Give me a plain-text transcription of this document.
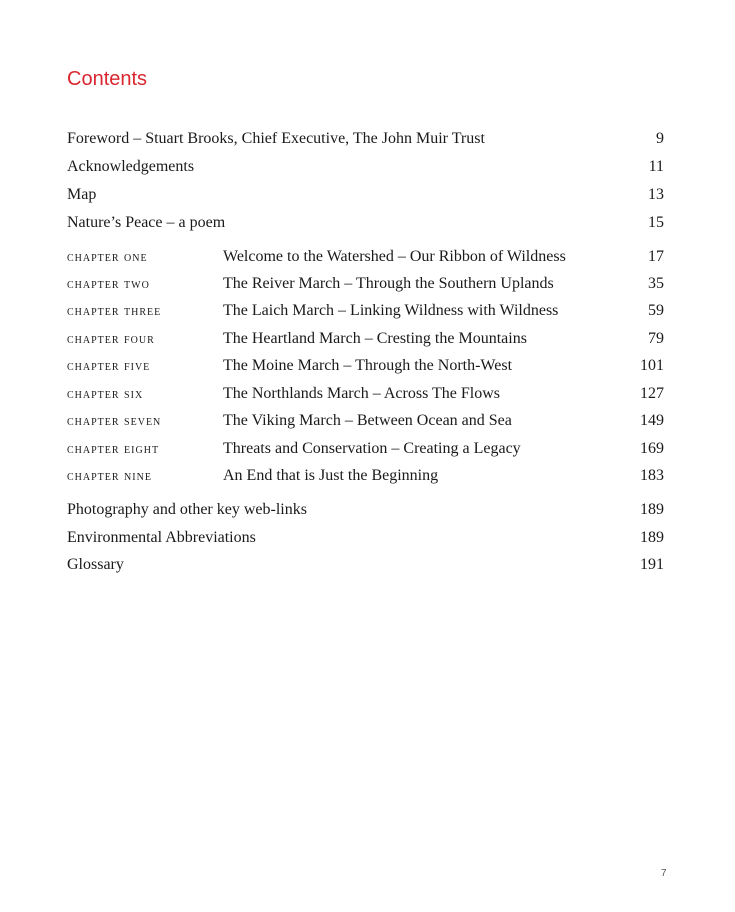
Contents
Foreword – Stuart Brooks, Chief Executive, The John Muir Trust	9
Acknowledgements	11
Map	13
Nature’s Peace – a poem	15
chapter one	Welcome to the Watershed – Our Ribbon of Wildness	17
chapter two	The Reiver March – Through the Southern Uplands	35
chapter three	The Laich March – Linking Wildness with Wildness	59
chapter four	The Heartland March – Cresting the Mountains	79
chapter five	The Moine March – Through the North-West	101
chapter six	The Northlands March – Across The Flows	127
chapter seven	The Viking March – Between Ocean and Sea	149
chapter eight	Threats and Conservation – Creating a Legacy	169
chapter nine	An End that is Just the Beginning	183
Photography and other key web-links	189
Environmental Abbreviations	189
Glossary	191
7
